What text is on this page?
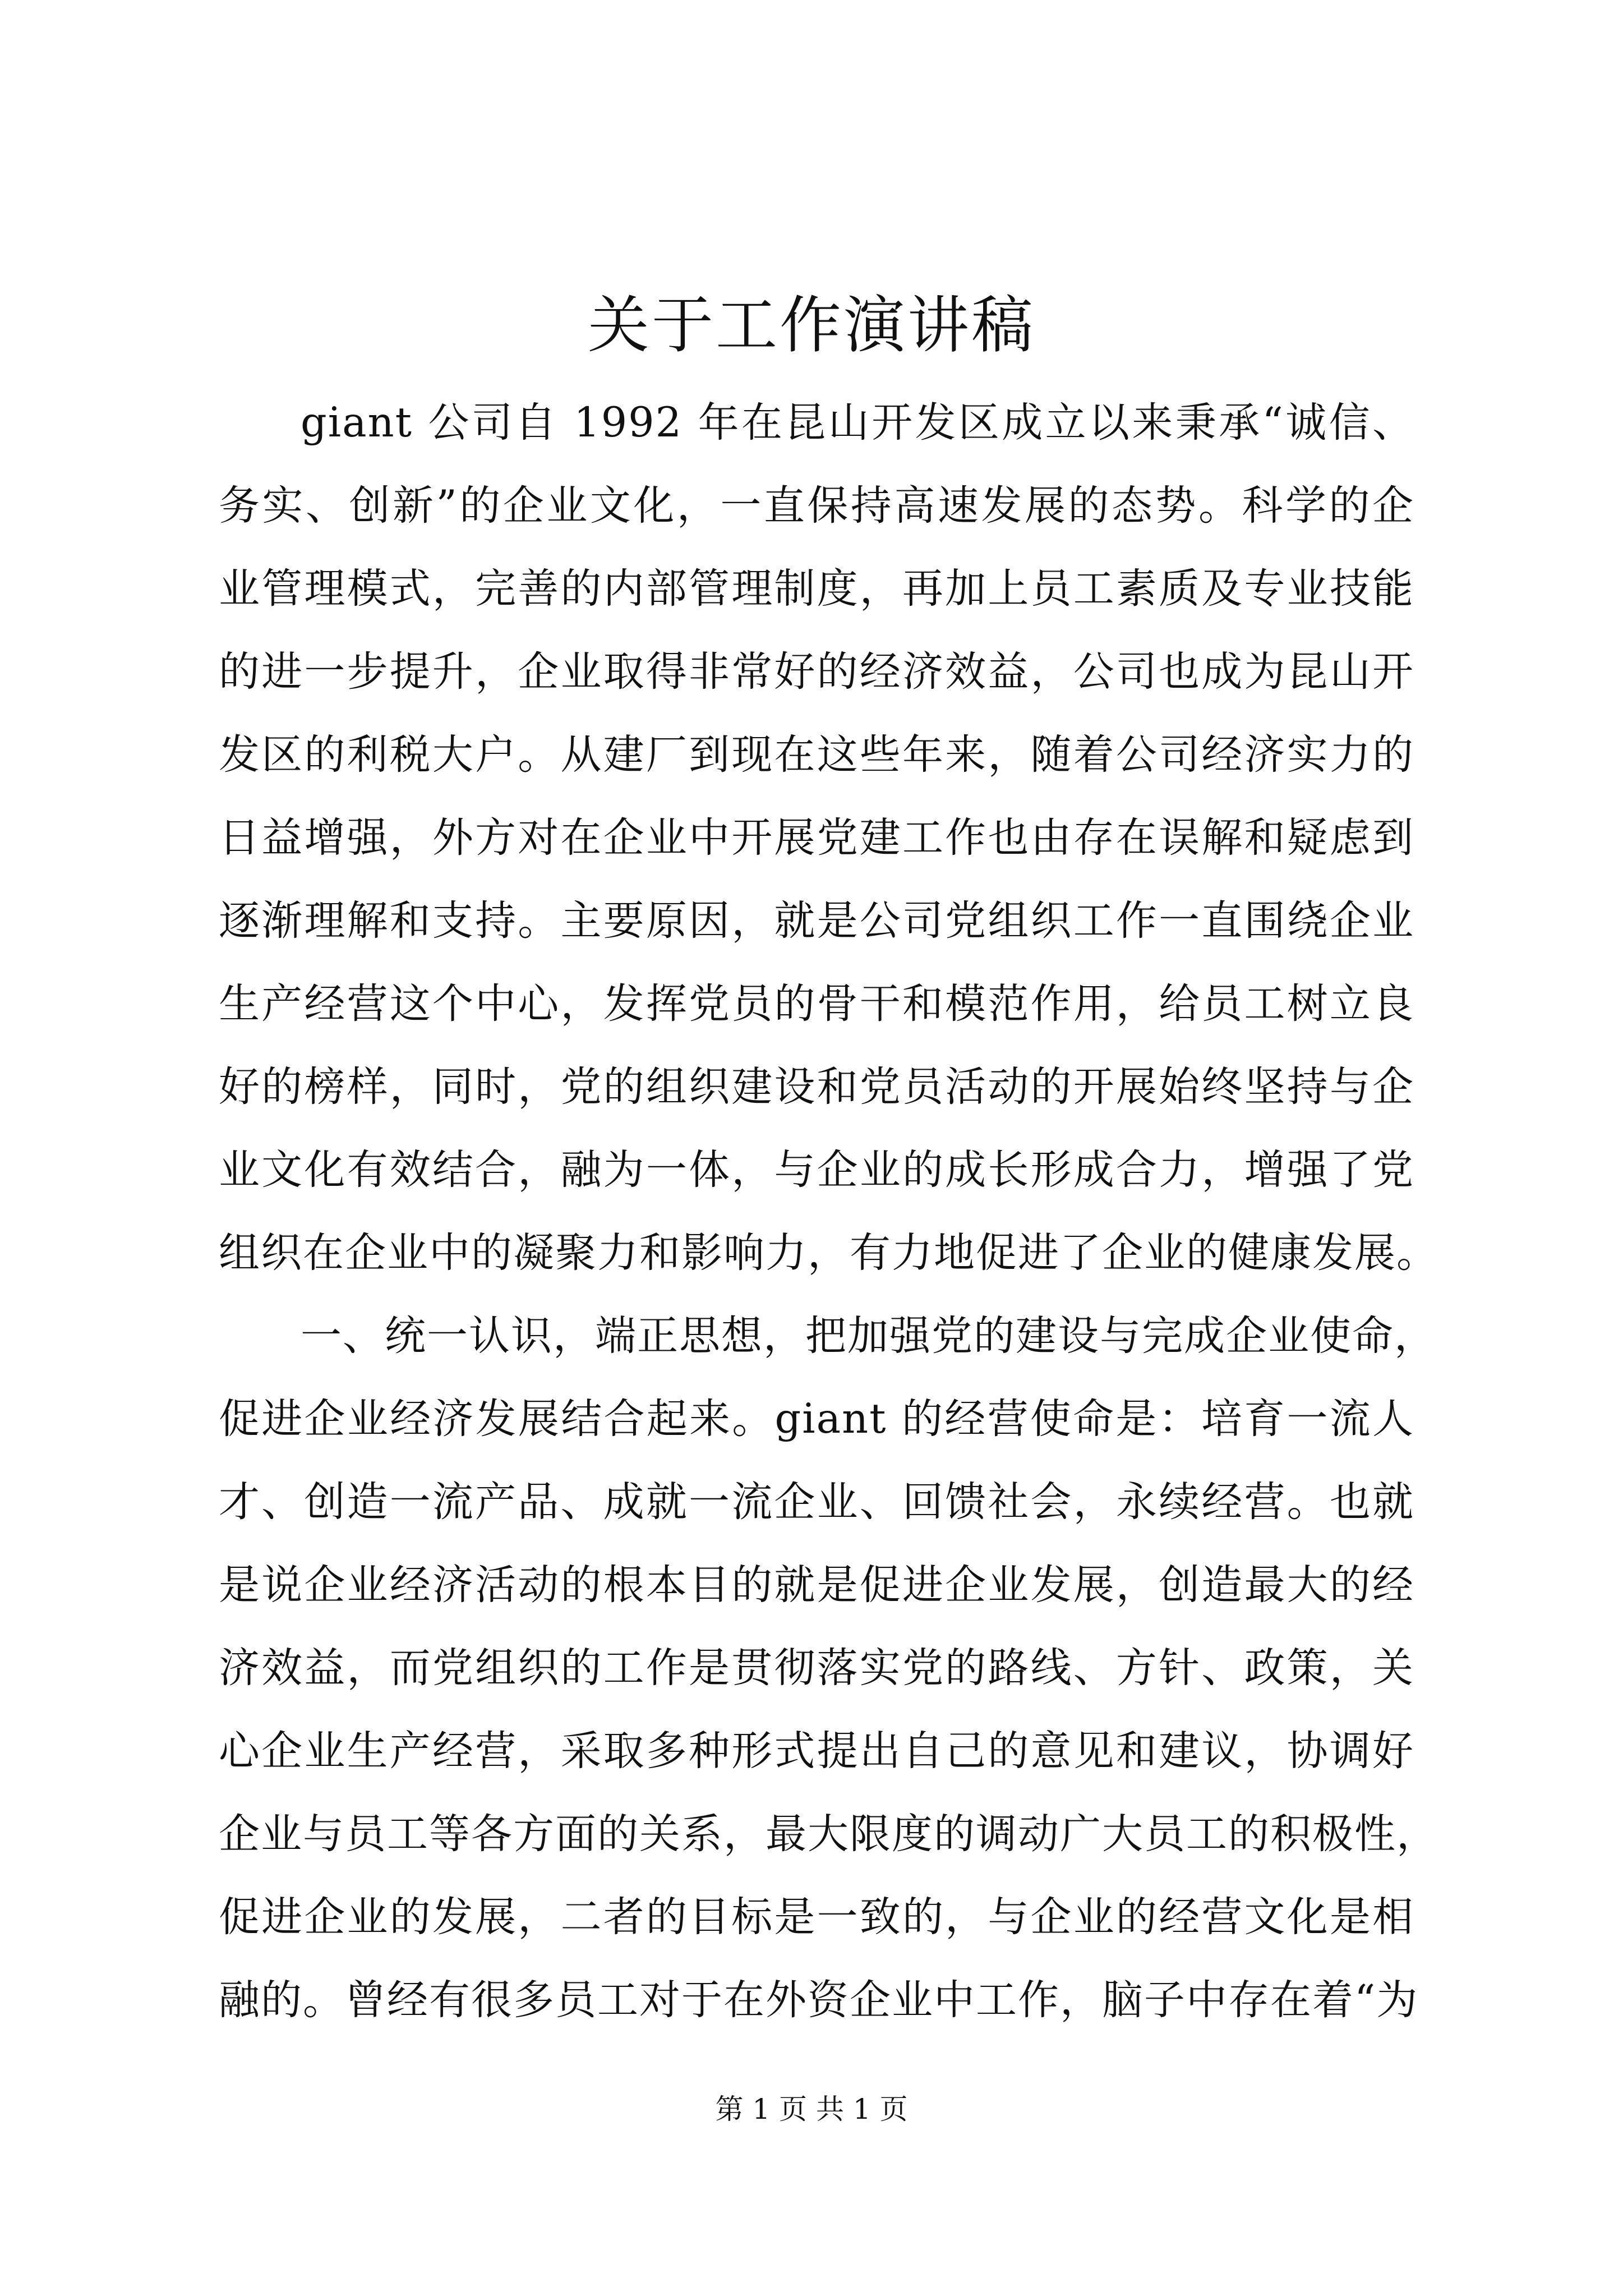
关于工作演讲稿
giant 公司自 1992 年在昆山开发区成立以来秉承“诚信、
务实、创新”的企业文化，一直保持高速发展的态势。科学的企
业管理模式，完善的内部管理制度，再加上员工素质及专业技能
的进一步提升，企业取得非常好的经济效益，公司也成为昆山开
发区的利税大户。从建厂到现在这些年来，随着公司经济实力的
日益增强，外方对在企业中开展党建工作也由存在误解和疑虑到
逐渐理解和支持。主要原因，就是公司党组织工作一直围绕企业
生产经营这个中心，发挥党员的骨干和模范作用，给员工树立良
好的榜样，同时，党的组织建设和党员活动的开展始终坚持与企
业文化有效结合，融为一体，与企业的成长形成合力，增强了党
组织在企业中的凝聚力和影响力，有力地促进了企业的健康发展。
一、统一认识，端正思想，把加强党的建设与完成企业使命，
促进企业经济发展结合起来。giant 的经营使命是：培育一流人
才、创造一流产品、成就一流企业、回馈社会，永续经营。也就
是说企业经济活动的根本目的就是促进企业发展，创造最大的经
济效益，而党组织的工作是贯彻落实党的路线、方针、政策，关
心企业生产经营，采取多种形式提出自己的意见和建议，协调好
企业与员工等各方面的关系，最大限度的调动广大员工的积极性，
促进企业的发展，二者的目标是一致的，与企业的经营文化是相
融的。曾经有很多员工对于在外资企业中工作，脑子中存在着“为
第 1 页 共 1 页
